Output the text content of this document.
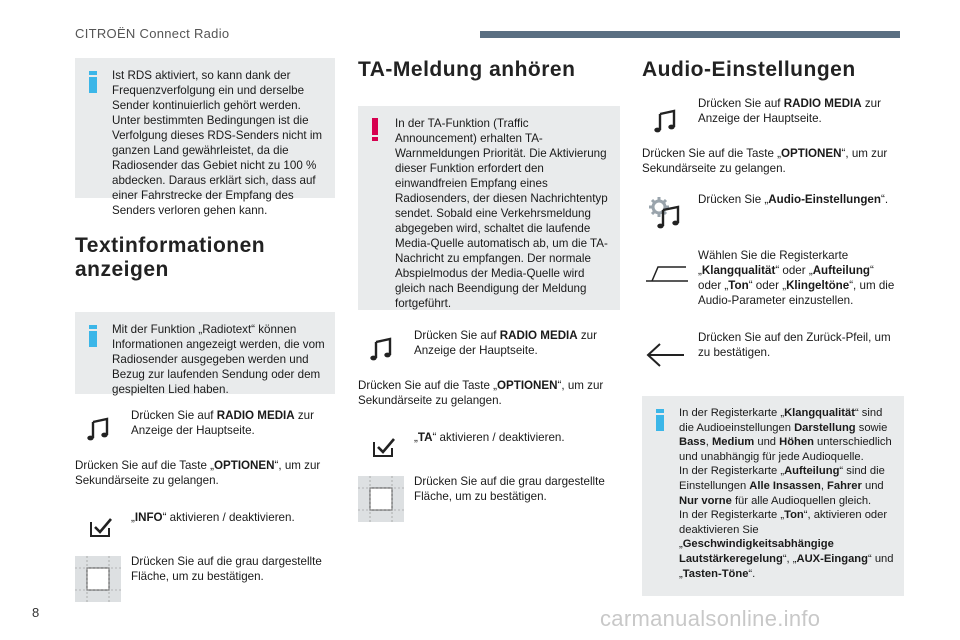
CITROËN Connect Radio
Ist RDS aktiviert, so kann dank der Frequenzverfolgung ein und derselbe Sender kontinuierlich gehört werden. Unter bestimmten Bedingungen ist die Verfolgung dieses RDS-Senders nicht im ganzen Land gewährleistet, da die Radiosender das Gebiet nicht zu 100 % abdecken. Daraus erklärt sich, dass auf einer Fahrstrecke der Empfang des Senders verloren gehen kann.
Textinformationen anzeigen
Mit der Funktion „Radiotext“ können Informationen angezeigt werden, die vom Radiosender ausgegeben werden und Bezug zur laufenden Sendung oder dem gespielten Lied haben.
Drücken Sie auf RADIO MEDIA zur Anzeige der Hauptseite.
Drücken Sie auf die Taste „OPTIONEN“, um zur Sekundärseite zu gelangen.
„INFO“ aktivieren / deaktivieren.
Drücken Sie auf die grau dargestellte Fläche, um zu bestätigen.
TA-Meldung anhören
In der TA-Funktion (Traffic Announcement) erhalten TA-Warnmeldungen Priorität. Die Aktivierung dieser Funktion erfordert den einwandfreien Empfang eines Radiosenders, der diesen Nachrichtentyp sendet. Sobald eine Verkehrsmeldung abgegeben wird, schaltet die laufende Media-Quelle automatisch ab, um die TA-Nachricht zu empfangen. Der normale Abspielmodus der Media-Quelle wird gleich nach Beendigung der Meldung fortgeführt.
Drücken Sie auf RADIO MEDIA zur Anzeige der Hauptseite.
Drücken Sie auf die Taste „OPTIONEN“, um zur Sekundärseite zu gelangen.
„TA“ aktivieren / deaktivieren.
Drücken Sie auf die grau dargestellte Fläche, um zu bestätigen.
Audio-Einstellungen
Drücken Sie auf RADIO MEDIA zur Anzeige der Hauptseite.
Drücken Sie auf die Taste „OPTIONEN“, um zur Sekundärseite zu gelangen.
Drücken Sie „Audio-Einstellungen“.
Wählen Sie die Registerkarte „Klangqualität“ oder „Aufteilung“ oder „Ton“ oder „Klingeltöne“, um die Audio-Parameter einzustellen.
Drücken Sie auf den Zurück-Pfeil, um zu bestätigen.
In der Registerkarte „Klangqualität“ sind die Audioeinstellungen Darstellung sowie Bass, Medium und Höhen unterschiedlich und unabhängig für jede Audioquelle.
In der Registerkarte „Aufteilung“ sind die Einstellungen Alle Insassen, Fahrer und Nur vorne für alle Audioquellen gleich.
In der Registerkarte „Ton“, aktivieren oder deaktivieren Sie „Geschwindigkeitsabhängige Lautstärkeregelung“, „AUX-Eingang“ und „Tasten-Töne“.
8	carmanualsonline.info
